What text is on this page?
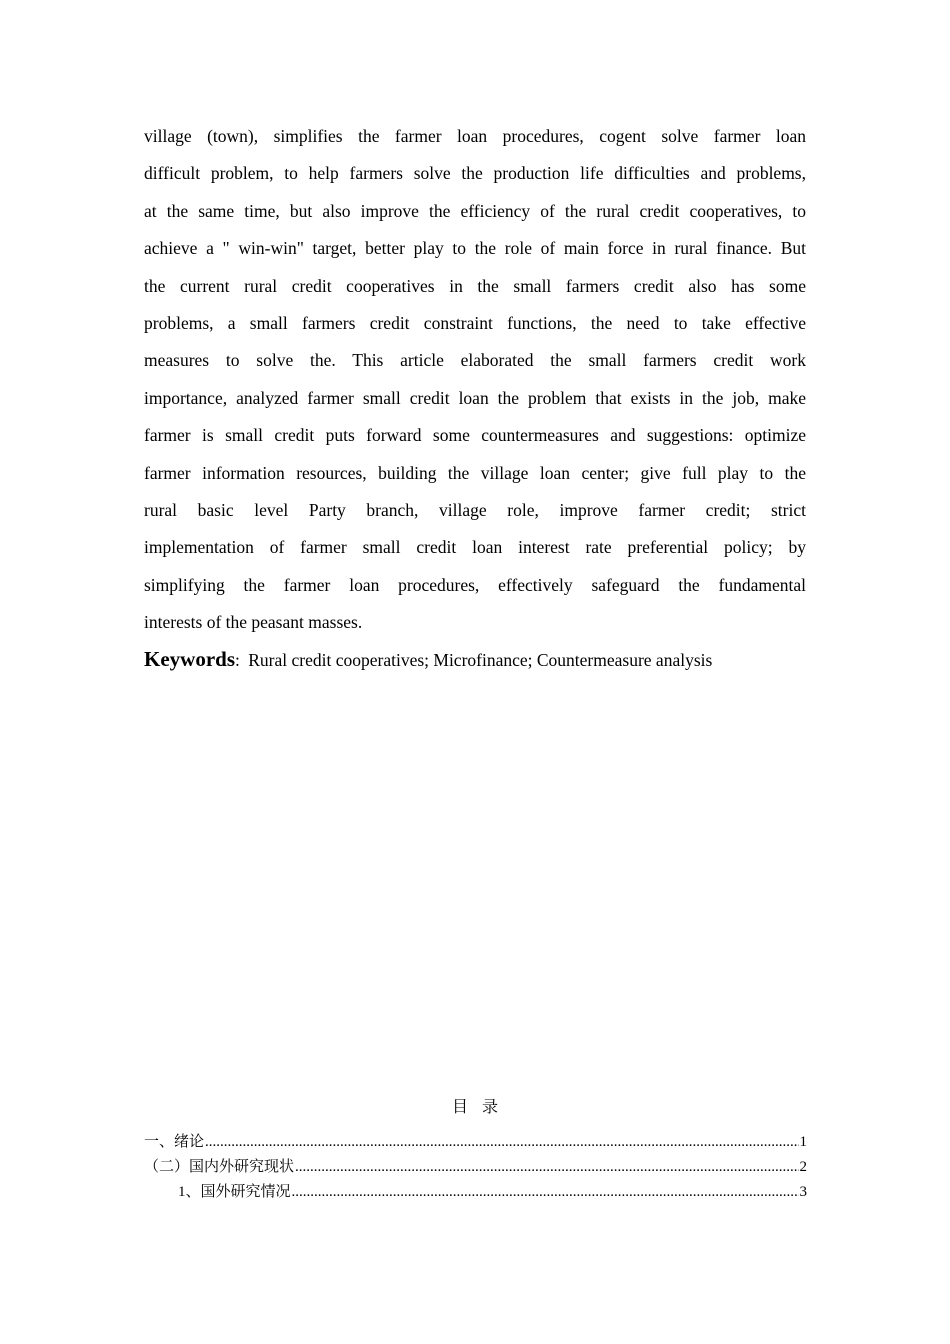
village (town), simplifies the farmer loan procedures, cogent solve farmer loan
difficult problem, to help farmers solve the production life difficulties and problems,
at the same time, but also improve the efficiency of the rural credit cooperatives, to
achieve a " win-win" target, better play to the role of main force in rural finance. But
the current rural credit cooperatives in the small farmers credit also has some
problems, a small farmers credit constraint functions, the need to take effective
measures to solve the. This article elaborated the small farmers credit work
importance, analyzed farmer small credit loan the problem that exists in the job, make
farmer is small credit puts forward some countermeasures and suggestions: optimize
farmer information resources, building the village loan center; give full play to the
rural basic level Party branch, village role, improve farmer credit; strict
implementation of farmer small credit loan interest rate preferential policy; by
simplifying the farmer loan procedures, effectively safeguard the fundamental
interests of the peasant masses.
Keywords: Rural credit cooperatives; Microfinance; Countermeasure analysis
目录
一、绪论 .....	1
（二）国内外研究现状 .....	2
1、国外研究情况 .....	3
